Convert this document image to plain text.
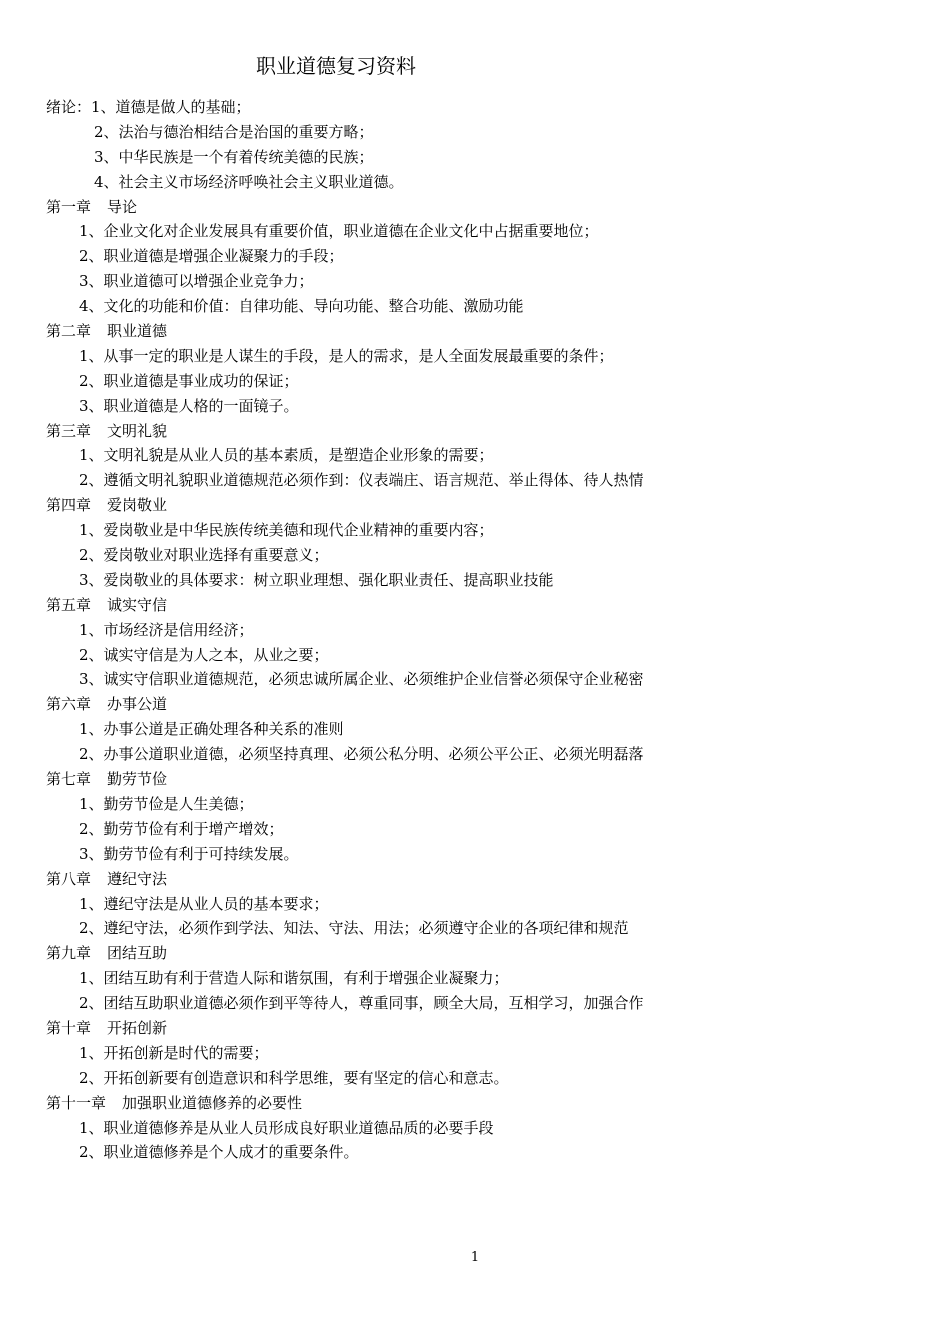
职业道德复习资料
绪论：1、道德是做人的基础；
2、法治与德治相结合是治国的重要方略；
3、中华民族是一个有着传统美德的民族；
4、社会主义市场经济呼唤社会主义职业道德。
第一章 导论
1、企业文化对企业发展具有重要价值，职业道德在企业文化中占据重要地位；
2、职业道德是增强企业凝聚力的手段；
3、职业道德可以增强企业竞争力；
4、文化的功能和价值：自律功能、导向功能、整合功能、激励功能
第二章 职业道德
1、从事一定的职业是人谋生的手段，是人的需求，是人全面发展最重要的条件；
2、职业道德是事业成功的保证；
3、职业道德是人格的一面镜子。
第三章 文明礼貌
1、文明礼貌是从业人员的基本素质，是塑造企业形象的需要；
2、遵循文明礼貌职业道德规范必须作到：仪表端庄、语言规范、举止得体、待人热情
第四章 爱岗敬业
1、爱岗敬业是中华民族传统美德和现代企业精神的重要内容；
2、爱岗敬业对职业选择有重要意义；
3、爱岗敬业的具体要求：树立职业理想、强化职业责任、提高职业技能
第五章 诚实守信
1、市场经济是信用经济；
2、诚实守信是为人之本，从业之要；
3、诚实守信职业道德规范，必须忠诚所属企业、必须维护企业信誉必须保守企业秘密
第六章 办事公道
1、办事公道是正确处理各种关系的准则
2、办事公道职业道德，必须坚持真理、必须公私分明、必须公平公正、必须光明磊落
第七章 勤劳节俭
1、勤劳节俭是人生美德；
2、勤劳节俭有利于增产增效；
3、勤劳节俭有利于可持续发展。
第八章 遵纪守法
1、遵纪守法是从业人员的基本要求；
2、遵纪守法，必须作到学法、知法、守法、用法；必须遵守企业的各项纪律和规范
第九章 团结互助
1、团结互助有利于营造人际和谐氛围，有利于增强企业凝聚力；
2、团结互助职业道德必须作到平等待人，尊重同事，顾全大局，互相学习，加强合作
第十章 开拓创新
1、开拓创新是时代的需要；
2、开拓创新要有创造意识和科学思维，要有坚定的信心和意志。
第十一章 加强职业道德修养的必要性
1、职业道德修养是从业人员形成良好职业道德品质的必要手段
2、职业道德修养是个人成才的重要条件。
1
